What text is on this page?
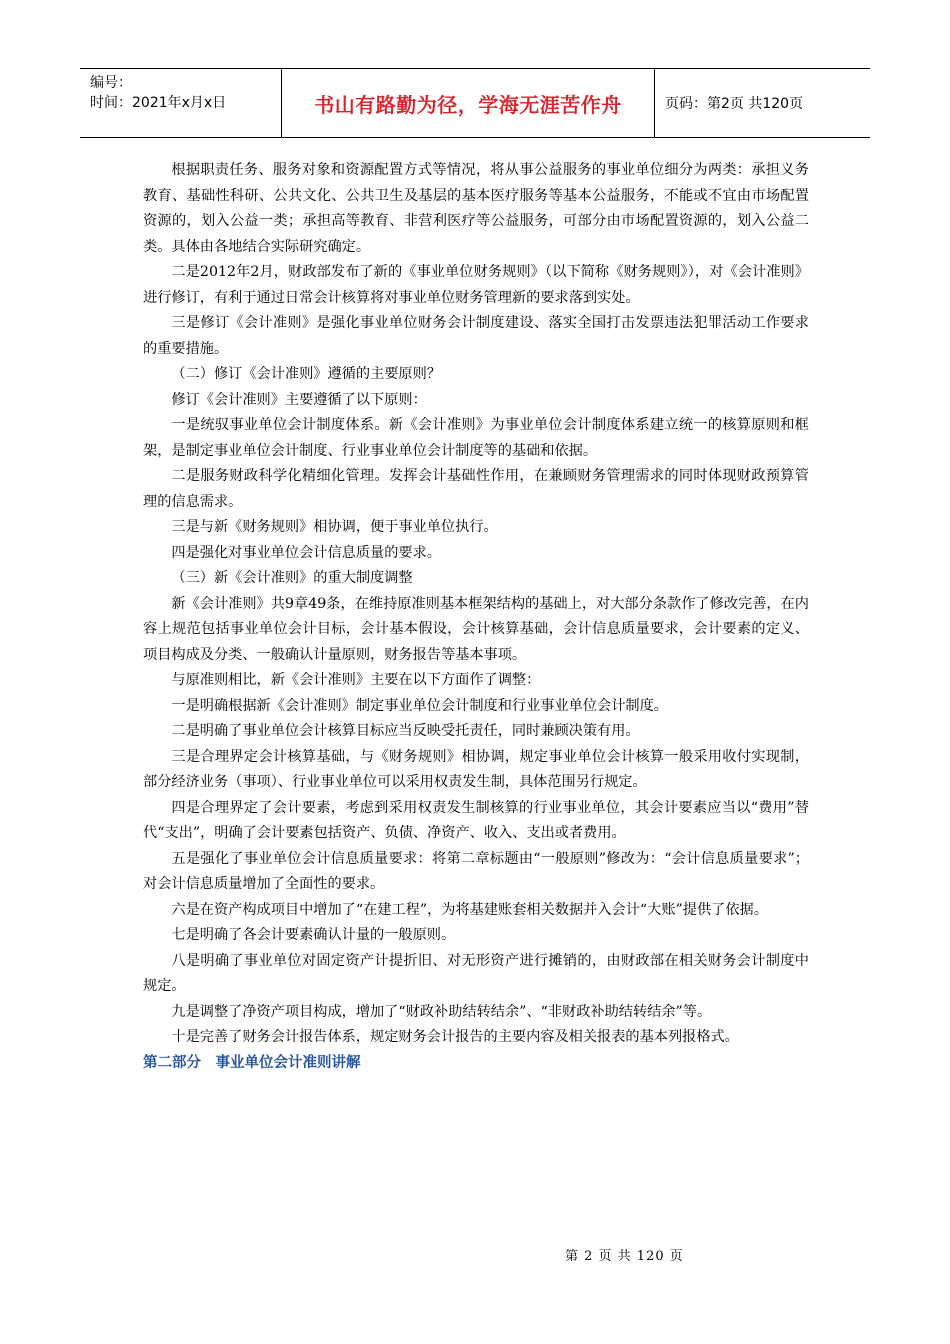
编号：
时间：2021年x月x日	书山有路勤为径，学海无涯苦作舟	页码：第2页 共120页

根据职责任务、服务对象和资源配置方式等情况，将从事公益服务的事业单位细分为两类：承担义务教育、基础性科研、公共文化、公共卫生及基层的基本医疗服务等基本公益服务，不能或不宜由市场配置资源的，划入公益一类；承担高等教育、非营利医疗等公益服务，可部分由市场配置资源的，划入公益二类。具体由各地结合实际研究确定。

二是2012年2月，财政部发布了新的《事业单位财务规则》（以下简称《财务规则》），对《会计准则》进行修订，有利于通过日常会计核算将对事业单位财务管理新的要求落到实处。

三是修订《会计准则》是强化事业单位财务会计制度建设、落实全国打击发票违法犯罪活动工作要求的重要措施。

（二）修订《会计准则》遵循的主要原则？

修订《会计准则》主要遵循了以下原则：

一是统驭事业单位会计制度体系。新《会计准则》为事业单位会计制度体系建立统一的核算原则和框架，是制定事业单位会计制度、行业事业单位会计制度等的基础和依据。

二是服务财政科学化精细化管理。发挥会计基础性作用，在兼顾财务管理需求的同时体现财政预算管理的信息需求。

三是与新《财务规则》相协调，便于事业单位执行。

四是强化对事业单位会计信息质量的要求。

（三）新《会计准则》的重大制度调整

新《会计准则》共9章49条，在维持原准则基本框架结构的基础上，对大部分条款作了修改完善，在内容上规范包括事业单位会计目标，会计基本假设，会计核算基础，会计信息质量要求，会计要素的定义、项目构成及分类、一般确认计量原则，财务报告等基本事项。

与原准则相比，新《会计准则》主要在以下方面作了调整：

一是明确根据新《会计准则》制定事业单位会计制度和行业事业单位会计制度。

二是明确了事业单位会计核算目标应当反映受托责任，同时兼顾决策有用。

三是合理界定会计核算基础，与《财务规则》相协调，规定事业单位会计核算一般采用收付实现制，部分经济业务（事项）、行业事业单位可以采用权责发生制，具体范围另行规定。

四是合理界定了会计要素，考虑到采用权责发生制核算的行业事业单位，其会计要素应当以“费用”替代“支出”，明确了会计要素包括资产、负债、净资产、收入、支出或者费用。

五是强化了事业单位会计信息质量要求：将第二章标题由“一般原则”修改为：“会计信息质量要求”；对会计信息质量增加了全面性的要求。

六是在资产构成项目中增加了“在建工程”，为将基建账套相关数据并入会计“大账”提供了依据。

七是明确了各会计要素确认计量的一般原则。

八是明确了事业单位对固定资产计提折旧、对无形资产进行摊销的，由财政部在相关财务会计制度中规定。

九是调整了净资产项目构成，增加了“财政补助结转结余”、“非财政补助结转结余”等。

十是完善了财务会计报告体系，规定财务会计报告的主要内容及相关报表的基本列报格式。

第二部分　事业单位会计准则讲解

第 2 页 共 120 页
